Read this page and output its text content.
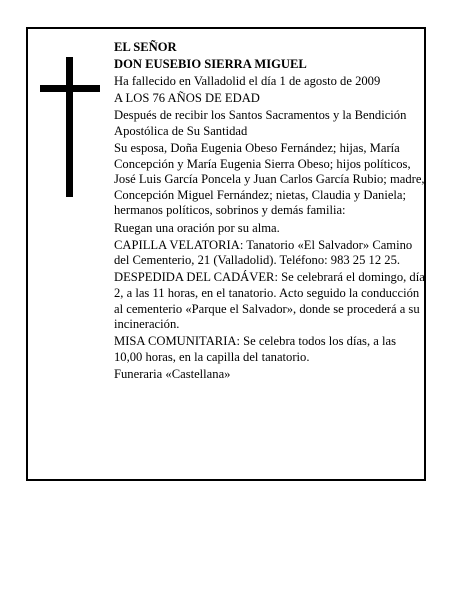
EL SEÑOR

DON EUSEBIO SIERRA MIGUEL

Ha fallecido en Valladolid el día 1 de agosto de 2009

A LOS 76 AÑOS DE EDAD

Después de recibir los Santos Sacramentos y la Bendición Apostólica de Su Santidad

Su esposa, Doña Eugenia Obeso Fernández; hijas, María Concepción y María Eugenia Sierra Obeso; hijos políticos, José Luis García Poncela y Juan Carlos García Rubio; madre, Concepción Miguel Fernández; nietas, Claudia y Daniela; hermanos políticos, sobrinos y demás familia:

Ruegan una oración por su alma.

CAPILLA VELATORIA: Tanatorio «El Salvador» Camino del Cementerio, 21 (Valladolid). Teléfono: 983 25 12 25.

DESPEDIDA DEL CADÁVER: Se celebrará el domingo, día 2, a las 11 horas, en el tanatorio. Acto seguido la conducción al cementerio «Parque el Salvador», donde se procederá a su incineración.

MISA COMUNITARIA: Se celebra todos los días, a las 10,00 horas, en la capilla del tanatorio.

Funeraria «Castellana»
